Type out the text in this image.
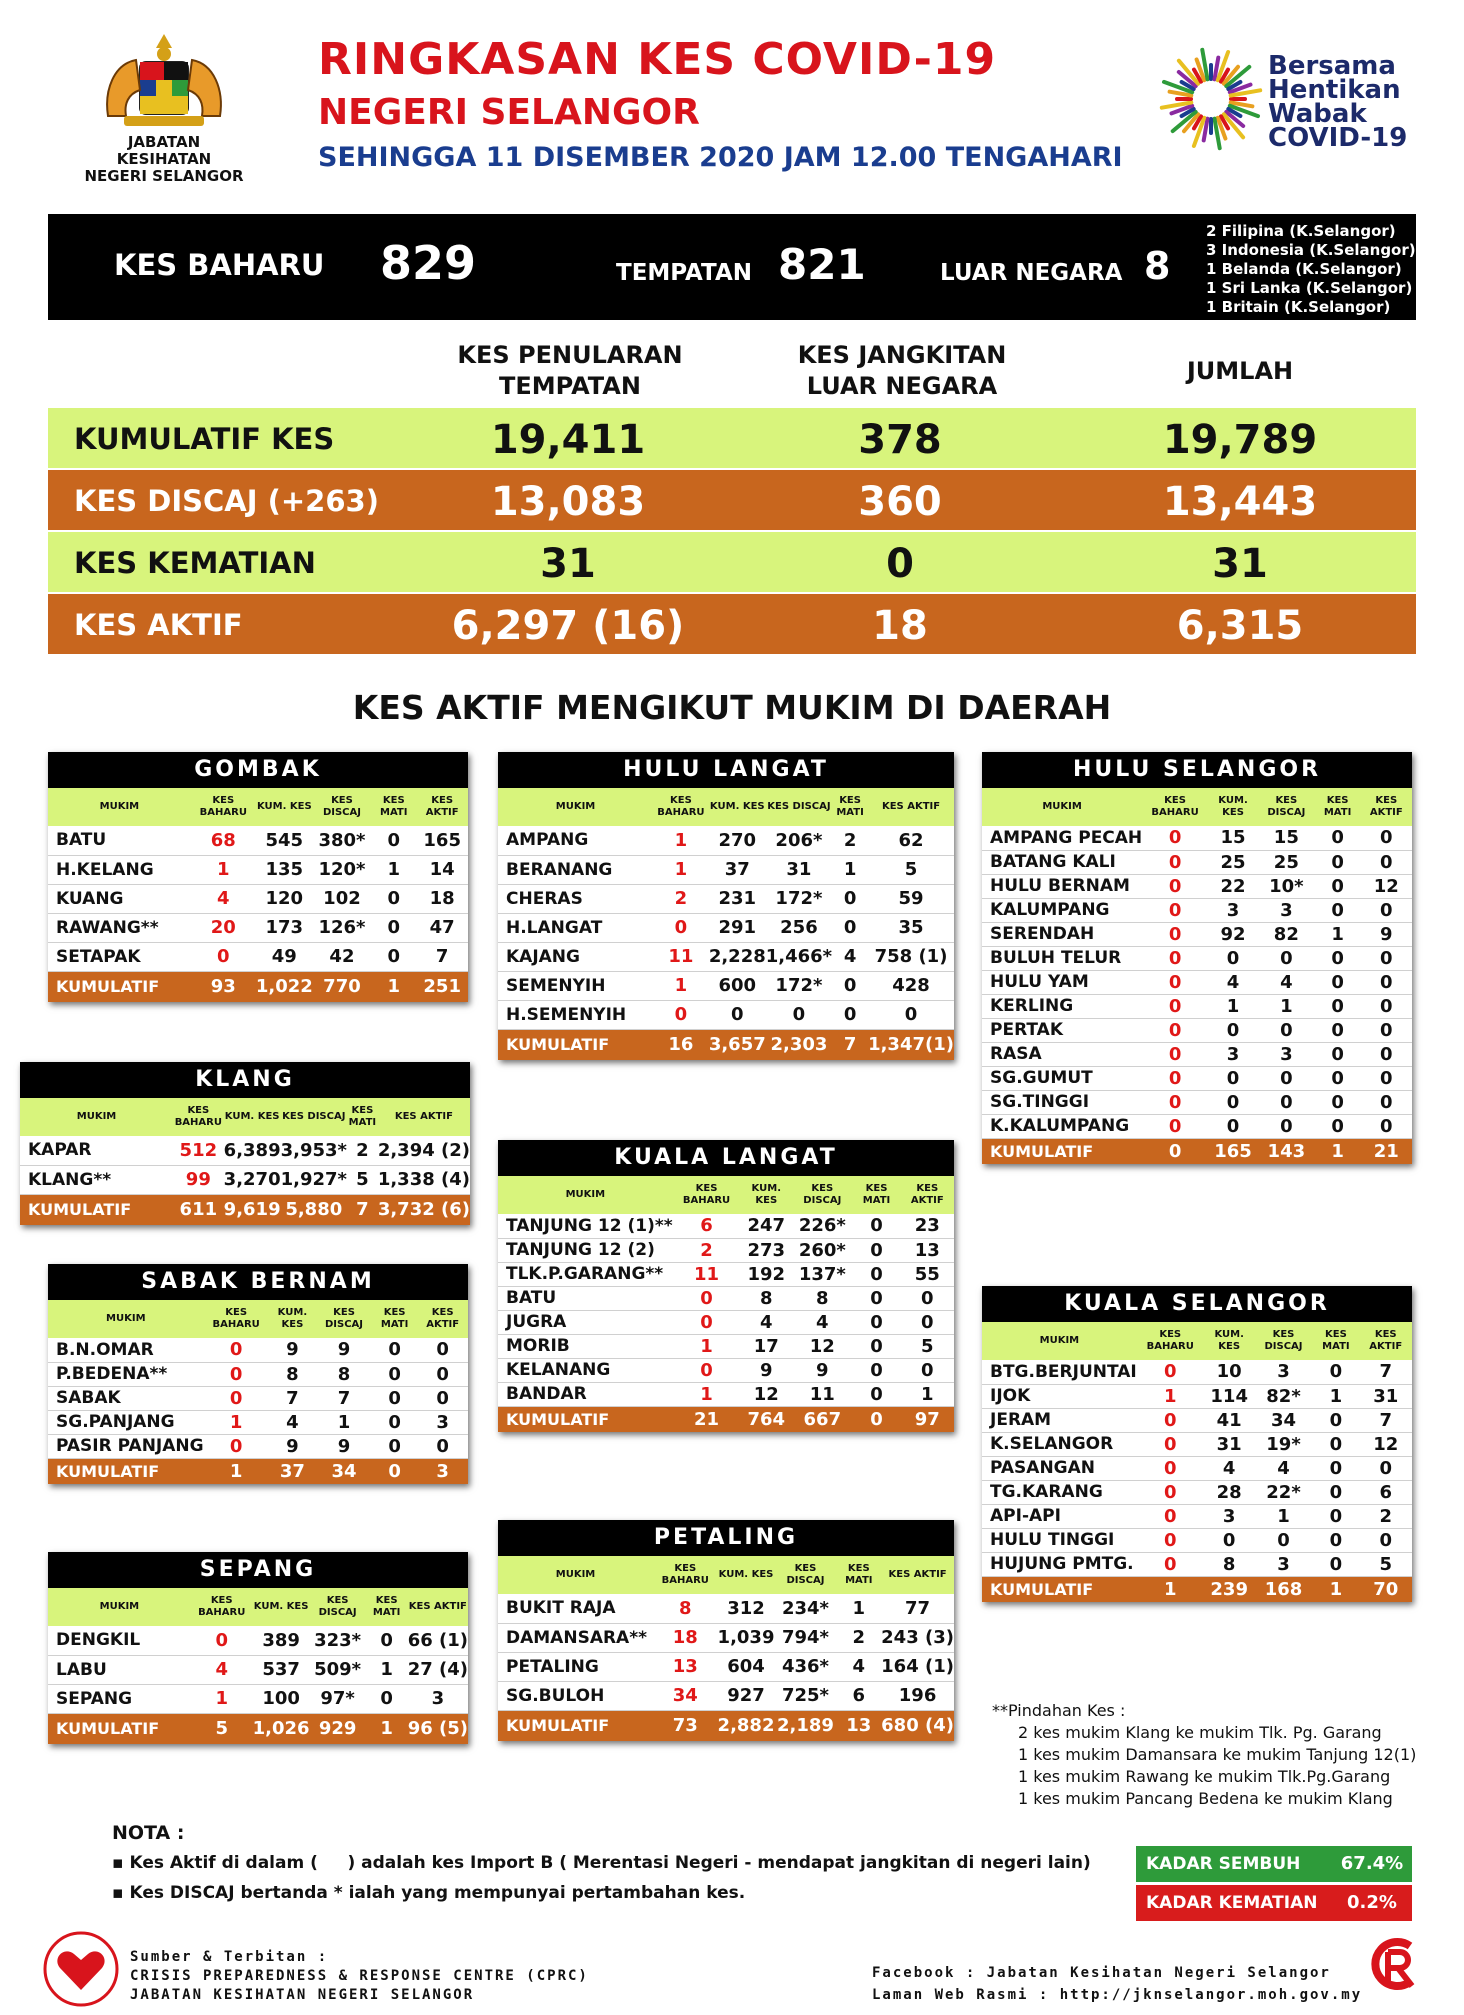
JABATAN KESIHATAN NEGERI SELANGOR
RINGKASAN KES COVID-19
NEGERI SELANGOR
SEHINGGA 11 DISEMBER 2020 JAM 12.00 TENGAHARI
Bersama
Hentikan
Wabak
COVID-19
KES BAHARU 829	TEMPATAN 821	LUAR NEGARA 8
2 Filipina (K.Selangor)
3 Indonesia (K.Selangor)
1 Belanda (K.Selangor)
1 Sri Lanka (K.Selangor)
1 Britain (K.Selangor)
KES PENULARAN
TEMPATAN
KES JANGKITAN
LUAR NEGARA
JUMLAH
KUMULATIF KES	19,411	378	19,789
KES DISCAJ (+263)	13,083	360	13,443
KES KEMATIAN	31	0	31
KES AKTIF	6,297 (16)	18	6,315
KES AKTIF MENGIKUT MUKIM DI DAERAH
GOMBAK
MUKIM	KES BAHARU	KUM. KES	KES DISCAJ	KES MATI	KES AKTIF
BATU	68	545	380*	0	165
H.KELANG	1	135	120*	1	14
KUANG	4	120	102	0	18
RAWANG**	20	173	126*	0	47
SETAPAK	0	49	42	0	7
KUMULATIF	93	1,022	770	1	251
KLANG
MUKIM	KES BAHARU	KUM. KES	KES DISCAJ	KES MATI	KES AKTIF
KAPAR	512	6,389	3,953*	2	2,394 (2)
KLANG**	99	3,270	1,927*	5	1,338 (4)
KUMULATIF	611	9,619	5,880	7	3,732 (6)
SABAK BERNAM
MUKIM	KES BAHARU	KUM. KES	KES DISCAJ	KES MATI	KES AKTIF
B.N.OMAR	0	9	9	0	0
P.BEDENA**	0	8	8	0	0
SABAK	0	7	7	0	0
SG.PANJANG	1	4	1	0	3
PASIR PANJANG	0	9	9	0	0
KUMULATIF	1	37	34	0	3
SEPANG
MUKIM	KES BAHARU	KUM. KES	KES DISCAJ	KES MATI	KES AKTIF
DENGKIL	0	389	323*	0	66 (1)
LABU	4	537	509*	1	27 (4)
SEPANG	1	100	97*	0	3
KUMULATIF	5	1,026	929	1	96 (5)
HULU LANGAT
MUKIM	KES BAHARU	KUM. KES	KES DISCAJ	KES MATI	KES AKTIF
AMPANG	1	270	206*	2	62
BERANANG	1	37	31	1	5
CHERAS	2	231	172*	0	59
H.LANGAT	0	291	256	0	35
KAJANG	11	2,228	1,466*	4	758 (1)
SEMENYIH	1	600	172*	0	428
H.SEMENYIH	0	0	0	0	0
KUMULATIF	16	3,657	2,303	7	1,347(1)
KUALA LANGAT
MUKIM	KES BAHARU	KUM. KES	KES DISCAJ	KES MATI	KES AKTIF
TANJUNG 12 (1)**	6	247	226*	0	23
TANJUNG 12 (2)	2	273	260*	0	13
TLK.P.GARANG**	11	192	137*	0	55
BATU	0	8	8	0	0
JUGRA	0	4	4	0	0
MORIB	1	17	12	0	5
KELANANG	0	9	9	0	0
BANDAR	1	12	11	0	1
KUMULATIF	21	764	667	0	97
PETALING
MUKIM	KES BAHARU	KUM. KES	KES DISCAJ	KES MATI	KES AKTIF
BUKIT RAJA	8	312	234*	1	77
DAMANSARA**	18	1,039	794*	2	243 (3)
PETALING	13	604	436*	4	164 (1)
SG.BULOH	34	927	725*	6	196
KUMULATIF	73	2,882	2,189	13	680 (4)
HULU SELANGOR
MUKIM	KES BAHARU	KUM. KES	KES DISCAJ	KES MATI	KES AKTIF
AMPANG PECAH	0	15	15	0	0
BATANG KALI	0	25	25	0	0
HULU BERNAM	0	22	10*	0	12
KALUMPANG	0	3	3	0	0
SERENDAH	0	92	82	1	9
BULUH TELUR	0	0	0	0	0
HULU YAM	0	4	4	0	0
KERLING	0	1	1	0	0
PERTAK	0	0	0	0	0
RASA	0	3	3	0	0
SG.GUMUT	0	0	0	0	0
SG.TINGGI	0	0	0	0	0
K.KALUMPANG	0	0	0	0	0
KUMULATIF	0	165	143	1	21
KUALA SELANGOR
MUKIM	KES BAHARU	KUM. KES	KES DISCAJ	KES MATI	KES AKTIF
BTG.BERJUNTAI	0	10	3	0	7
IJOK	1	114	82*	1	31
JERAM	0	41	34	0	7
K.SELANGOR	0	31	19*	0	12
PASANGAN	0	4	4	0	0
TG.KARANG	0	28	22*	0	6
API-API	0	3	1	0	2
HULU TINGGI	0	0	0	0	0
HUJUNG PMTG.	0	8	3	0	5
KUMULATIF	1	239	168	1	70
**Pindahan Kes :
2 kes mukim Klang ke mukim Tlk. Pg. Garang
1 kes mukim Damansara ke mukim Tanjung 12(1)
1 kes mukim Rawang ke mukim Tlk.Pg.Garang
1 kes mukim Pancang Bedena ke mukim Klang
NOTA :
▪ Kes Aktif di dalam (     ) adalah kes Import B ( Merentasi Negeri - mendapat jangkitan di negeri lain)
▪ Kes DISCAJ bertanda * ialah yang mempunyai pertambahan kes.
KADAR SEMBUH	67.4%
KADAR KEMATIAN	0.2%
Sumber & Terbitan :
CRISIS PREPAREDNESS & RESPONSE CENTRE (CPRC)
JABATAN KESIHATAN NEGERI SELANGOR
Facebook : Jabatan Kesihatan Negeri Selangor
Laman Web Rasmi : http://jknselangor.moh.gov.my
